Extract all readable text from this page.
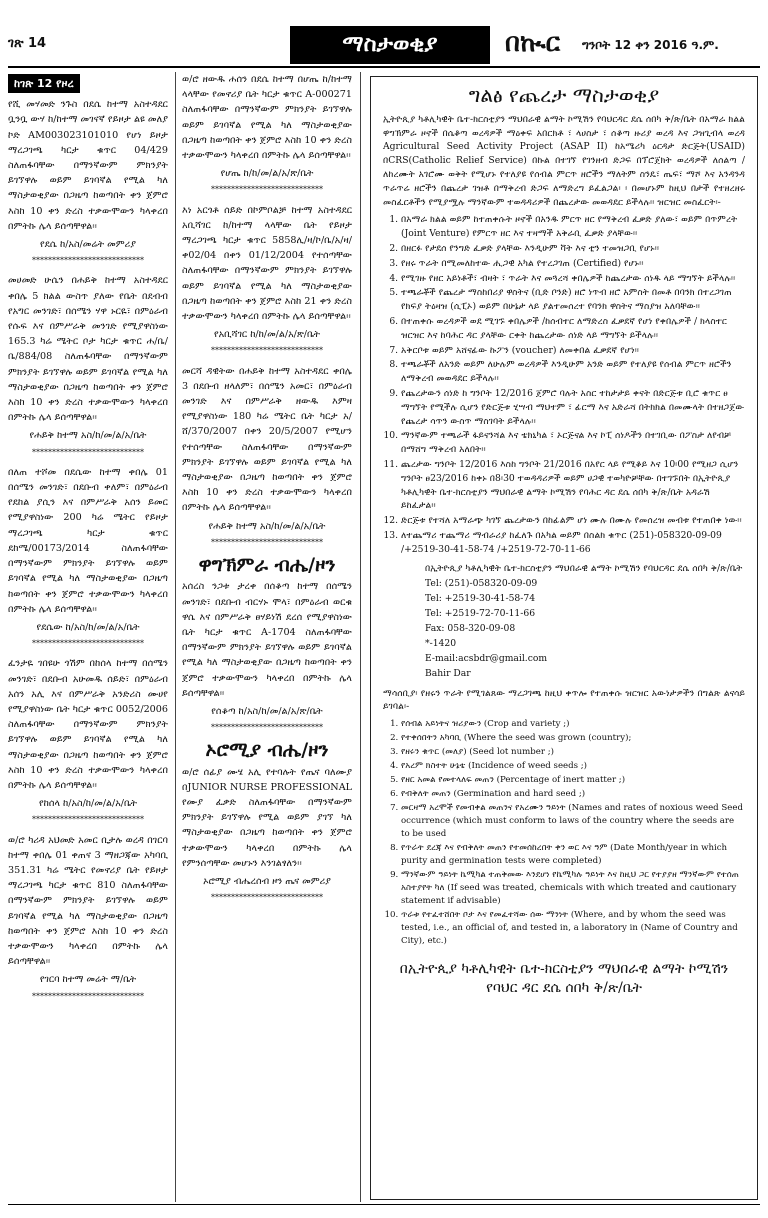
ገጽ 14	ማስታወቂያ	በኲር ግንቦት 12 ቀን 2016 ዓ.ም.
ከገጽ 12 የዞረ

የሺ መሃመድ ንጉስ በደሴ ከተማ አስተዳደር ቧንቧ ውሃ ከ/ከተማ መገናኛ የይዞታ ልዩ መለያ ኮድ AM003023101010 የሆነ ይዞታ ማረጋገጫ ካርታ ቁጥር 04/429 ስለጠፋባቸው በማንኛውም ምክንያት ይገኘዋሉ ወይም ይገባኛል የሚል ካለ ማስታወቂያው በጋዜጣ ከወጣበት ቀን ጀምሮ እስከ 10 ቀን ድረስ ተቃውሞውን ካላቀረበ በምትኩ ሌላ ይሰጣቸዋል፡፡

የደሴ ከ/አስ/መሬት መምሪያ
****************************

መሀመድ ሁሴን በሐይቅ ከተማ አስተዳደር ቀበሌ 5 ክልል ውስጥ ያለው የቤት በደብብ የአግር መንገድ፣ በሰሜን ሃዋ ኑርዬ፣ በምዕራብ የሱፍ እና በምሥራቅ መንገድ የሚያዋስነው 165.3 ካሬ ሜትር ቦታ ካርታ ቁጥር ሐ/ቤ/ቤ/884/08 ስለጠፋባቸው በማንኛውም ምክንያት ይገኘዋሉ ወይም ይገባኛል የሚል ካለ ማስታወቂያው በጋዜጣ ከወጣበት ቀን ጀምሮ እስከ 10 ቀን ድረስ ተቃውሞውን ካላቀረበ በምትኩ ሌላ ይሰጣቸዋል፡፡

የሐይቅ ከተማ አስ/ከ/መ/ል/አ/ቤት
****************************

በለጠ ተሾመ በደሴው ከተማ ቀበሌ 01 በሰሜን መንገድ፣ በደቡብ ቀለም፣ በምዕራብ የደከል ያሲን እና በምሥራቅ አሰን ይመር የሚያዋስነው 200 ካሬ ሜትር የይዞታ ማረጋገጫ ካርታ ቁጥር ደከሜ/00173/2014 ስለጠፋባቸው በማንኛውም ምክንያት ይገኘዋሉ ወይም ይገባኛል የሚል ካለ ማስታወቂያው በጋዜጣ ከወጣበት ቀን ጀምሮ ተቃውሞውን ካላቀረበ በምትኩ ሌላ ይሰጣቸዋል፡፡

የደሴው ከ/አስ/ከ/መ/ል/አ/ቤት
****************************

ፈንታዬ ገበዩሁ ጎሽም በከሰላ ከተማ በሰሜን መንገድ፣ በደቡብ አሁመዱ ሰይድ፣ በምዕራብ አሰን አሊ እና በምሥራቅ አንድሪስ ሙሀየ የሚያዋስነው ቤት ካርታ ቁጥር 0052/2006 ስለጠፋባቸው በማንኛውም ምክንያት ይገኘዋሉ ወይም ይገባኛል የሚል ካለ ማስታወቂያው በጋዜጣ ከወጣበት ቀን ጀምሮ እስከ 10 ቀን ድረስ ተቃውሞውን ካላቀረበ በምትኩ ሌላ ይሰጣቸዋል፡፡

የከሰላ ከ/አስ/ከ/መ/ል/አ/ቤት
****************************

ወ/ሮ ካሪዳ አህመድ አመር ቢታሉ ወረዳ በገርባ ከተማ ቀበሌ 01 ቀጠና 3 ማዘጋጃው አካባቢ 351.31 ካሬ ሜትር የመኖሪያ ቤት የይዞታ ማረጋገጫ ካርታ ቁጥር 810 ስለጠፋባቸው በማንኛውም ምክንያት ይገኘዋሉ ወይም ይገባኛል የሚል ካለ ማስታወቂያው በጋዜጣ ከወጣበት ቀን ጀምሮ እስከ 10 ቀን ድረስ ተቃውሞውን ካላቀረበ በምትኩ ሌላ ይሰጣቸዋል፡፡

የገርባ ከተማ መሬት ማ/ቤት
****************************

ወ/ሮ ዘውዱ ሐሰን በደሴ ከተማ በሆጤ ከ/ከተማ ላላቸው የመኖሪያ ቤት ካርታ ቁጥር A-000271 ስለጠፋባቸው በማንኛውም ምክንያት ይገኘዋሉ ወይም ይገባኛል የሚል ካለ ማስታወቂያው በጋዜጣ ከወጣበት ቀን ጀምሮ እስከ 10 ቀን ድረስ ተቃውሞውን ካላቀረበ በምትኩ ሌላ ይሰጣቸዋል፡፡

የሆጤ ከ/ከ/መ/ል/አ/ጽ/ቤት
****************************

እነ አርጎቶ ሰይድ በኮምቦልቻ ከተማ አስተዳደር አቢሻገር ከ/ከተማ ላላቸው ቤት የይዞታ ማረጋገጫ ካርታ ቁጥር 5858ሊ/ዛ/ኮ/ቤ/አ/ዛ/ቀ02/04 በቀን 01/12/2004 የተሰጣቸው ስለጠፋባቸው በማንኛውም ምክንያት ይገኘዋሉ ወይም ይገባኛል የሚል ካለ ማስታወቂያው በጋዜጣ ከወጣበት ቀን ጀምሮ እስከ 21 ቀን ድረስ ተቃውሞውን ካላቀረበ በምትኩ ሌላ ይሰጣቸዋል፡፡

የአቢሻገር ከ/ከ/መ/ል/አ/ጽ/ቤት
****************************

መርሻ ዳዊትው በሐይቅ ከተማ አስተዳደር ቀበሌ 3 በደቡብ ዘላለም፣ በሰሜን አመር፣ በምዕራብ መንገድ እና በምሥራቅ ዘውዱ እምዛ የሚያዋስነው 180 ካሬ ሜትር ቤት ካርታ አ/ሸ/370/2007 በቀን 20/5/2007 የሚሆን የተሰጣቸው ስለጠፋባቸው በማንኛውም ምክንያት ይገኘዋሉ ወይም ይገባኛል የሚል ካለ ማስታወቂያው በጋዜጣ ከወጣበት ቀን ጀምሮ እስከ 10 ቀን ድረስ ተቃውሞውን ካላቀረበ በምትኩ ሌላ ይሰጣቸዋል፡፡

የሐይቅ ከተማ አስ/ከ/መ/ል/አ/ቤት
****************************
ዋግኽምራ ብሔ/ዞን

አሰረስ ንጋቱ ታረቀ በሰቆጣ ከተማ በሰሜን መንገድ፣ በደቡብ ብርሃኑ ሞላ፣ በምዕራብ ወርቁ ዋሴ እና በምሥራቅ ፀሃይነሽ ደረሰ የሚያዋስነው ቤት ካርታ ቁጥር A-1704 ስለጠፋባቸው በማንኛውም ምክንያት ይገኘዋሉ ወይም ይገባኛል የሚል ካለ ማስታወቂያው በጋዜጣ ከወጣበት ቀን ጀምሮ ተቃውሞውን ካላቀረበ በምትኩ ሌላ ይሰጣቸዋል፡፡

የሰቆጣ ከ/አስ/ከ/መ/ል/አ/ጽ/ቤት
****************************
ኦሮሚያ ብሔ/ዞን

ወ/ሮ ሰፊያ ሙሄ አሊ የተባሉት የጤና ባለሙያ በJUNIOR NURSE PROFESSIONAL የሙያ ፈቃድ ስለጠፋባቸው በማንኛውም ምክንያት ይገኘዋሉ የሚል ወይም ያገኘ ካለ ማስታወቂያው በጋዜጣ ከወጣበት ቀን ጀምሮ ተቃውሞውን ካላቀረበ በምትኩ ሌላ የምንሰጣቸው መሆኑን እንገልፃለን፡፡

ኦሮሚያ ብሔረሰብ ዞን ጤና መምሪያ
****************************
ግልፅ የጨረታ ማስታወቂያ

ኢትዮጲያ ካቶሊካዊት ቤተ-ክርስቲያን ማህበራዊ ልማት ኮሚሽን የባህርዳር ደሴ ሰበካ ቅ/ጽ/ቤት በአማራ ክልል ዋግኽምራ ዞኖች በሴቆጣ ወረዳዎች ማዕቀፍ አበርክቶ ፣ ላሀስታ ፣ ሰቆጣ ዙሪያ ወረዳ እና ጋዝጊብላ ወረዳ Agricultural Seed Activity Project (ASAP II) ከአሜሪካ ዕርዳታ ድርጅት(USAID) በCRS(Catholic Relief Service) በኩል በተገኘ የገንዘብ ድጋፍ በፕሮጀክት ወረዳዎች ለሰልጣ /ለከረሙት አገሮሙ ወቅት የሚሆኑ የተለያዩ የሰብል ምርጥ ዘሮችን ማለትም ስንዴ፣ ጤፍ፣ ማሾ እና አንዳንዳ ጥራጥሬ ዘሮችን በጨረታ ገዝቶ በማቅረብ ድጋፍ ለማድረግ ይፈልጋል፡ ፡ በመሆኑም ከዚህ በታች የተዘረዘሩ መስፈርቶችን የሚያሟሉ ማንኛውም ተወዳዳሪዎች በጨረታው መወዳደር ይችላሉ፡፡ ዝርዝር መስፈርት፡-

1. በአማራ ክልል ወይም ከተጠቀሱት ዞኖች በአንዱ ምርጥ ዘር የማቅረብ ፈቃድ ያለው፣ ወይም በጥምረት (Joint Venture) የምርጥ ዘር እና ተዛማች አቅራቢ ፈቃድ ያላቸው፡፡
2. በዘርፉ የታደሰ የንግድ ፈቃድ ያላቸው እንዲሁም ቫት እና ቲን ተመዝጋቢ የሆኑ፡፡
3. የዘሩ ጥራት በሚመለከተው ሒጋዊ አካል የተረጋገጠ (Certified) የሆኑ፡፡
4. የሚገዙ የዘር አይነቶች፣ ብዛት ፣ ጥራት እና መጓረሻ ቀበሌዎች ከጨረታው ሰነዱ ላይ ማግኘት ይችላሉ፡፡
5. ተጫራቾች የጨረታ ማስከበሪያ ዋስትና (ቢድ ቦንድ) ዘሮ ነጥብ ዘሮ አምስት በመቶ በባንክ በተረጋገጠ የክፍያ ትዕዛዝ (ሲፒኦ) ወይም በሁኔታ ላይ ያልተመሰረተ የባንክ ዋስትና ማስያዝ አለባቸው፡፡
6. በተጠቀሱ ወረዳዎች ወደ ሚገኙ ቀበሌዎች /ከሰብተር ለማድረስ ፈቃደኛ የሆነ የቀበሌዎች / ክላስተር ዝርዝር እና ከባሕር ዳር ያላቸው ርቀት ከጨረታው ሰነድ ላይ ማግኘት ይችላሉ፡፡
7. አቅርቦቱ ወይም አሸናፊው ኩፖን (voucher) ለመቀበል ፈቃደኛ የሆነ፡፡
8. ተጫራቾች ለአንድ ወይም ለሁሉም ወረዳዎች እንዲሁም አንድ ወይም የተለያዩ የሰብል ምርጥ ዘሮችን ለማቅረብ መወዳደር ይችላሉ፡፡
9. የጨረታውን ሰነድ ከ ግንቦት 12/2016 ጀምሮ ባሉት አስር ተከታታይ ቀናት በድርጅቱ ቢሮ ቁጥር ፀ ማግኘት የሚችሉ ሲሆን የድርጅቱ ሂሣብ ማህተም ፣ ፊርማ እና አድራሻ በትክክል በመሙላት በተዘጋጀው የጨረታ ሳጥን ውስጥ ማስገባት ይችላሉ፡፡
10. ማንኛውም ተጫራች ፋይናንሻል እና ቴክኒካል ፣ ኦርጅናል እና ኮፒ ሰነዶችን በተገቢው በፖስታ ለየብቻ በማሸግ ማቅረብ አለበት፡፡
11. ጨረታው ግንቦት 12/2016 እስከ ግንቦት 21/2016 በአየር ላይ የሚቆይ እና 10፡00 የሚዘጋ ሲሆን ግንቦት ፀ23/2016 ከቀኑ በ8፡30 ተወዳዳሪዎች ወይም ሀጋዊ ተወካዮቻቸው በተገኙበት በኢትዮጲያ ካቶሊካዊት ቤተ-ክርስቲያን ማህበራዊ ልማት ኮሚሽን የባሕር ዳር ደሴ ሰበካ ቅ/ጽ/ቤት አዳራሽ ይከፈታል፡፡
12. ድርጅቱ የተሻለ አማራጭ ካገኘ ጨረታውን በከፊልም ሆነ ሙሉ በሙሉ የመሰረዝ መብቱ የተጠበቀ ነው፡፡
13. ለተጨማሪ ተጨማሪ ማብራሪያ ከፈለጉ በአካል ወይም በስልክ ቁጥር (251)-058320-09-09 /+2519-30-41-58-74 /+2519-72-70-11-66
በኢትዮጲያ ካቶሊካዊት ቤተ-ክርስቲያን ማህበራዊ ልማት ኮሚሽን የባህርዳር ደሴ ሰበካ ቅ/ጽ/ቤት
Tel: (251)-058320-09-09
Tel: +2519-30-41-58-74
Tel: +2519-72-70-11-66
Fax: 058-320-09-08
*-1420
E-mail:acsbdr@gmail.com
Bahir Dar

ማሳሰቢያ፡ የዘሩን ጥራት የሚገልጸው ማረጋገጫ ከዚህ ቀጥሎ የተጠቀሱ ዝርዝር አውነታዎችን በግልጽ ልናሳይ ይገባል፡-

1. የሰብል አይነትና ዝሪያውን (Crop and variety ;)
2. የተቀሰበትን አካባቢ (Where the seed was grown (country);
3. የዘሩን ቁጥር (መለያ) (Seed lot number ;)
4. የአረም ክስተት ሁኔቴ (Incidence of weed seeds ;)
5. የዘር አመል የመተላለፍ መጠን (Percentage of inert matter ;)
6. የብቅለት መጠን (Germination and hard seed ;)
7. መርዛማ አረሞች የመብቀል መጠንና የአረሙን ዓይነት (Names and rates of noxious weed Seed occurrence (which must conform to laws of the country where the seeds are to be used
8. የጥራት ደረጃ እና የብቅለት መጠን የተመሰከረበት ቀን ወር እና ዓም (Date Month/year in which purity and germination tests were completed)
9. ማንኛውም ዓይነት ኬሚካል ተጠቅመው እንደሆነ የኬሚካሉ ዓይነት እና ከዚህ ጋር የተያያዘ ማንኛውም የተሰጠ አስተያየት ካለ (If seed was treated, chemicals with which treated and cautionary statement if advisable)
10. ጥራቱ የተፈተሸበት ቦታ እና የመፈተሻው ሰው ማንነት (Where, and by whom the seed was tested, i.e., an official of, and tested in, a laboratory in (Name of Country and City), etc.)
በኢትዮጲያ ካቶሊካዊት ቤተ-ክርስቲያን ማህበራዊ ልማት ኮሚሽን የባህር ዳር ደሴ ሰበካ ቅ/ጽ/ቤት
